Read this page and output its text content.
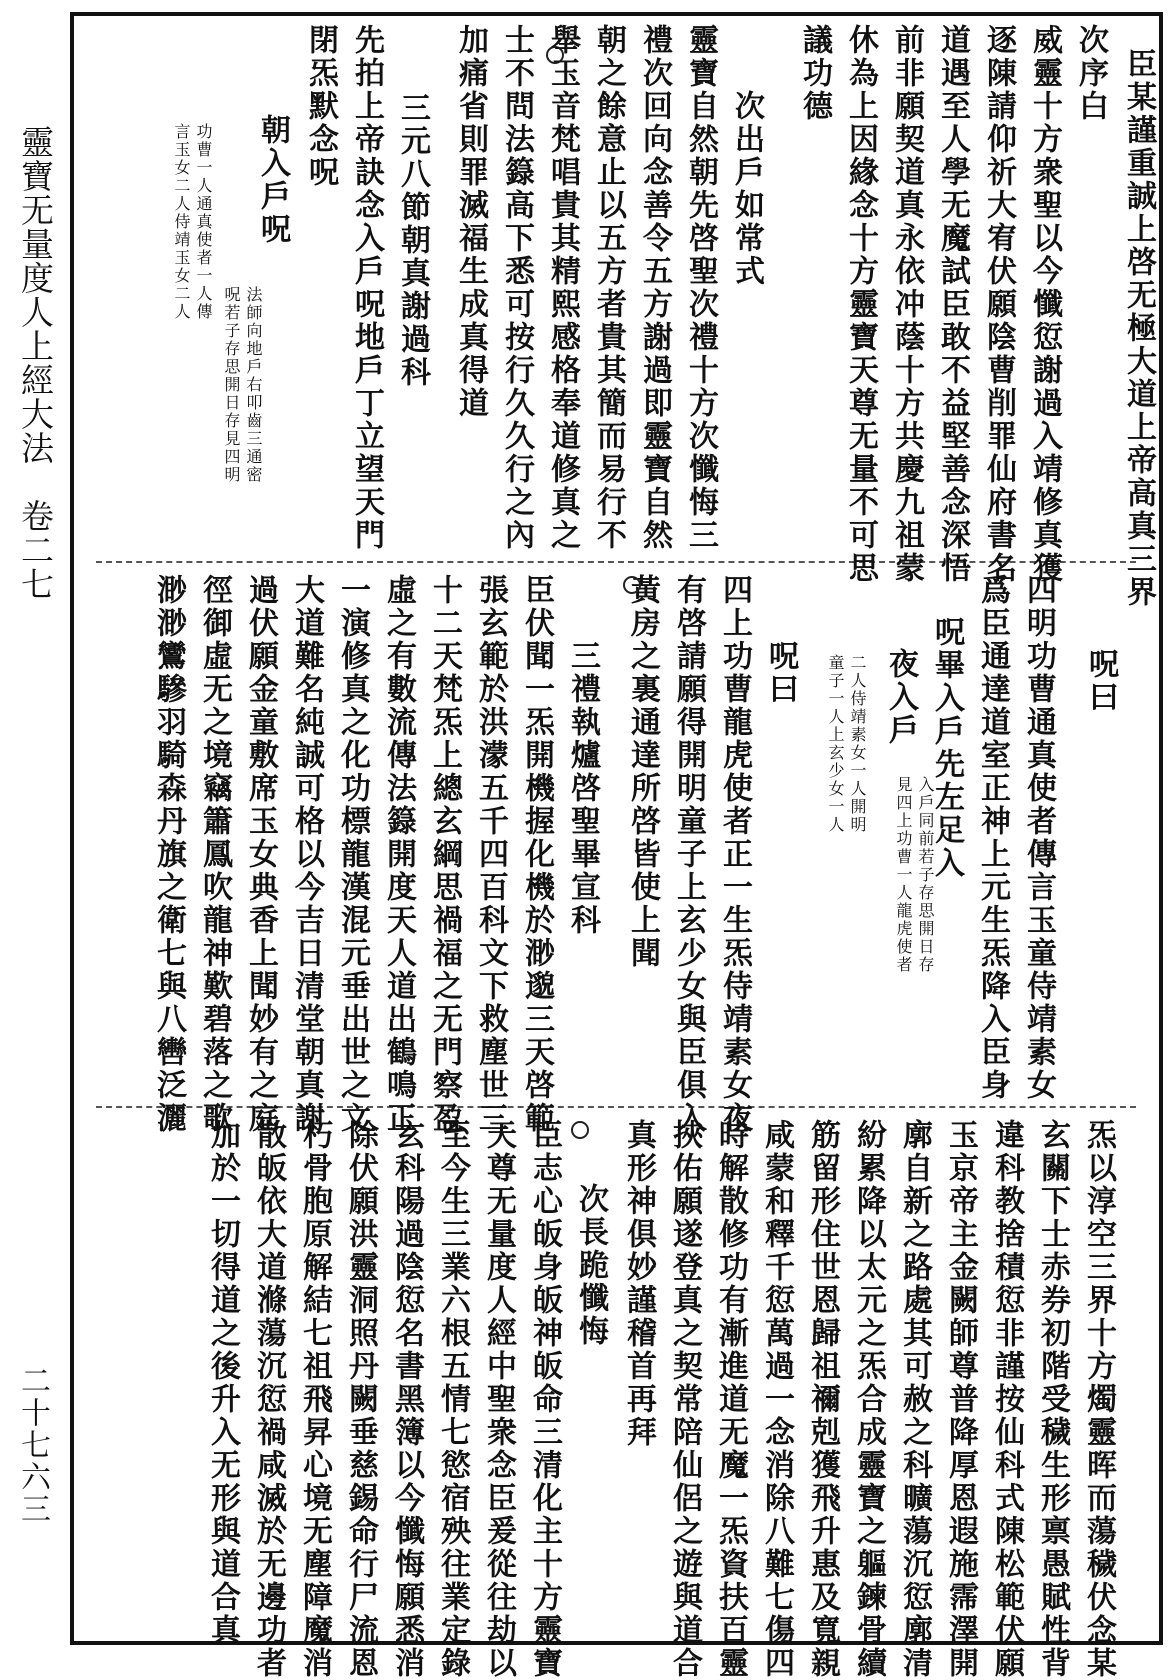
靈寶无量度人上經大法　卷二七
二十七六三
次序白 臣某謹重誠上啓无極大道上帝高真三界
威靈十方衆聖以今懺愆謝過入靖修真獲
逐陳請仰祈大宥伏願陰曹削罪仙府書名
道遇至人學无魔試臣敢不益堅善念深悟
前非願契道真永依冲蔭十方共慶九祖蒙
休為上因緣念十方靈寶天尊无量不可思
議功德
次出戶如常式
靈寶自然朝先啓聖次禮十方次懺悔三
禮次回向念善令五方謝過即靈寶自然
朝之餘意止以五方者貴其簡而易行不
舉玉音梵唱貴其精熙感格奉道修真之
士不問法籙高下悉可按行久久行之內
加痛省則罪滅福生成真得道
三元八節朝真謝過科
先拍上帝訣念入戶呪地戶丁立望天門
閉炁默念呪
朝入戶呪
法師向地戶右叩齒三通密
呪若子存思開日存見四明
功曹一人通真使者一人傳
言玉女二人侍靖玉女二人
呪曰
四明功曹通真使者傳言玉童侍靖素女
爲臣通達道室正神上元生炁降入臣身
呪畢入戶先左足入
夜入戶
入戶同前若子存思開日存
見四上功曹一人龍虎使者
二人侍靖素女一人開明
童子一人上玄少女一人
呪曰
四上功曹龍虎使者正一生炁侍靖素女夜
有啓請願得開明童子上玄少女與臣俱入
黃房之裏通達所啓皆使上聞
三禮執爐啓聖畢宣科
臣伏聞一炁開機握化機於渺邈三天啓範
張玄範於洪濛五千四百科文下救塵世三
十二天梵炁上總玄綱思禍福之无門察盈
虛之有數流傳法籙開度天人道出鶴鳴正
一演修真之化功標龍漢混元垂出世之文
大道難名純誠可格以今吉日清堂朝真謝
過伏願金童敷席玉女典香上聞妙有之庭
徑御虛无之境竊簫鳳吹龍神歎碧落之歌
渺渺鸞驂羽騎森丹旗之衛七與八轡泛灑
炁以淳空三界十方燭靈晖而蕩穢伏念某
玄關下士赤券初階受穢生形禀愚賦性背
違科教捨積愆非謹按仙科式陳松範伏願
玉京帝主金闕師尊普降厚恩遐施霈澤開
廓自新之路處其可赦之科曠蕩沉愆廓清
紛累降以太元之炁合成靈寶之軀鍊骨續
筋留形住世恩歸祖禰剋獲飛升惠及寬親
咸蒙和釋千愆萬過一念消除八難七傷四
時解散修功有漸進道无魔一炁資扶百靈
挾佑願遂登真之契常陪仙侶之遊與道合
真形神俱妙謹稽首再拜
次長跪懺悔
臣志心皈身皈神皈命三清化主十方靈寶
天尊无量度人經中聖衆念臣爰從往劫以
至今生三業六根五情七慾宿殃往業定錄
玄科陽過陰愆名書黑簿以今懺悔願悉消
除伏願洪靈洞照丹闕垂慈錫命行尸流恩
朽骨胞原解結七祖飛昇心境无塵障魔消
散皈依大道滌蕩沉愆禍咸滅於无邊功者
加於一切得道之後升入无形與道合真
